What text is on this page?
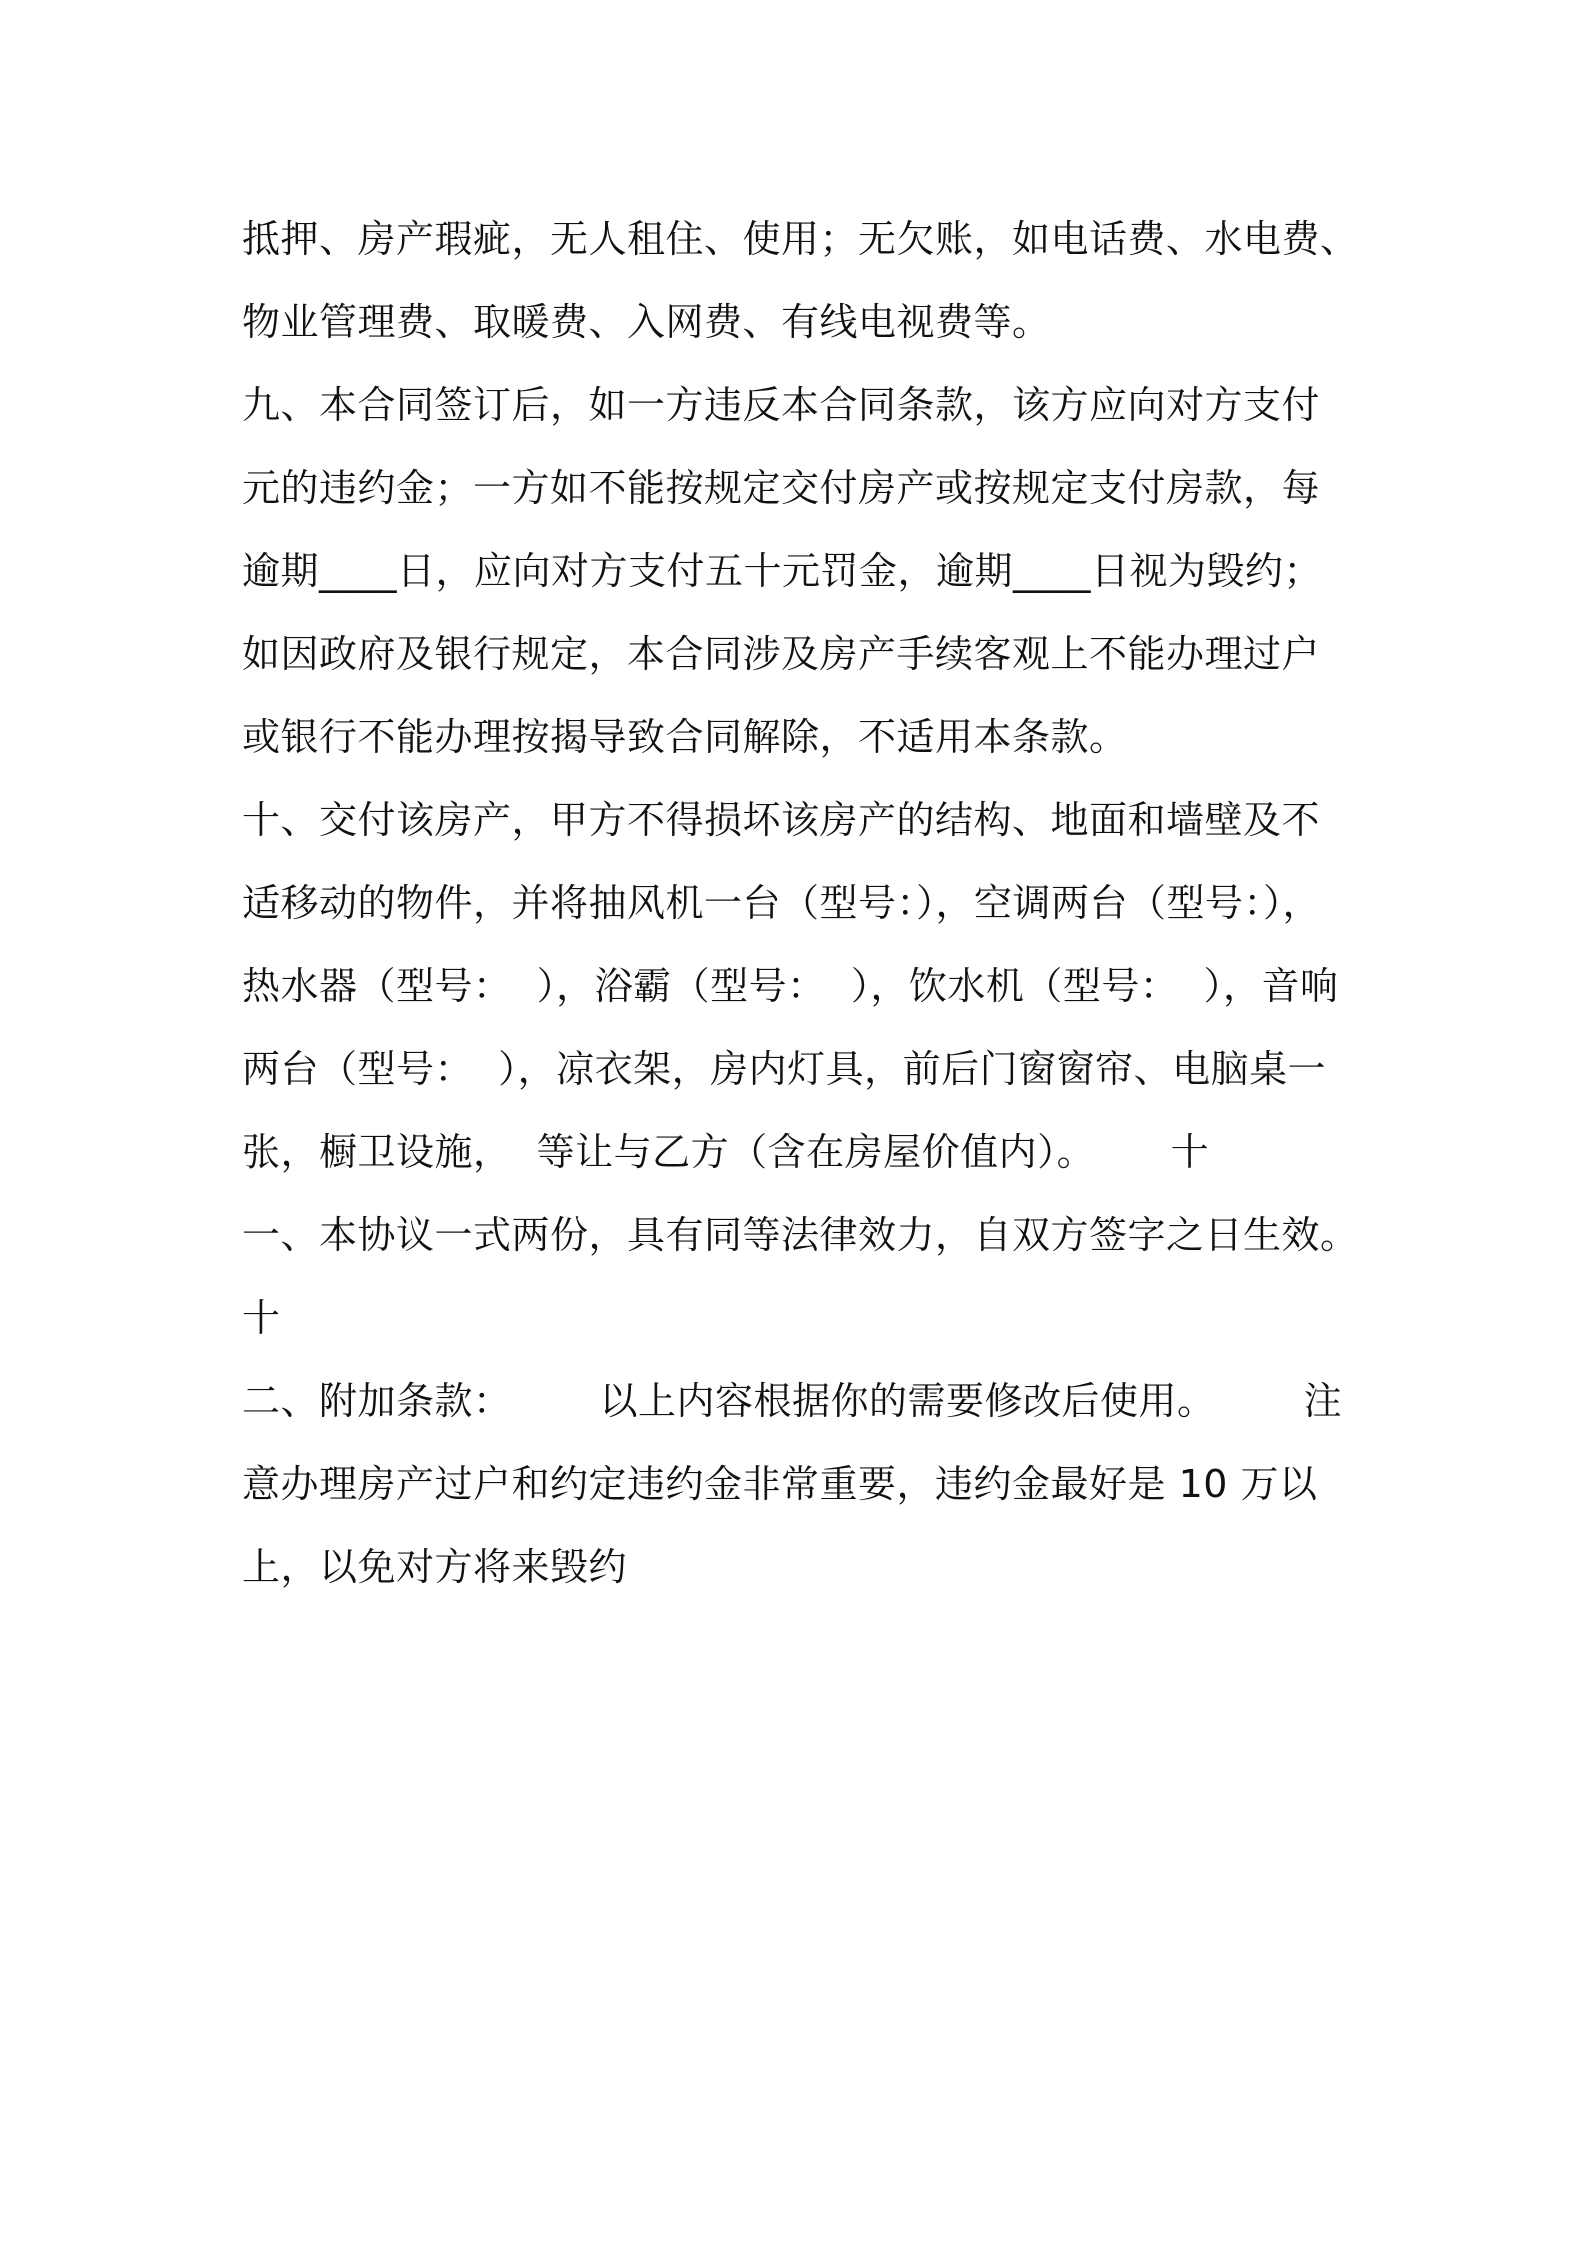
抵押、房产瑕疵，无人租住、使用；无欠账，如电话费、水电费、
物业管理费、取暖费、入网费、有线电视费等。
九、本合同签订后，如一方违反本合同条款，该方应向对方支付
元的违约金；一方如不能按规定交付房产或按规定支付房款，每
逾期____日，应向对方支付五十元罚金，逾期____日视为毁约；
如因政府及银行规定，本合同涉及房产手续客观上不能办理过户
或银行不能办理按揭导致合同解除，不适用本条款。
十、交付该房产，甲方不得损坏该房产的结构、地面和墙壁及不
适移动的物件，并将抽风机一台（型号：），空调两台（型号：），
热水器（型号：  ），浴霸（型号：  ），饮水机（型号：  ），音响
两台（型号：  ），凉衣架，房内灯具，前后门窗窗帘、电脑桌一
张，橱卫设施，  等让与乙方（含在房屋价值内）。      十
一、本协议一式两份，具有同等法律效力，自双方签字之日生效。
十
二、附加条款：       以上内容根据你的需要修改后使用。       注
意办理房产过户和约定违约金非常重要，违约金最好是 10 万以
上，以免对方将来毁约
